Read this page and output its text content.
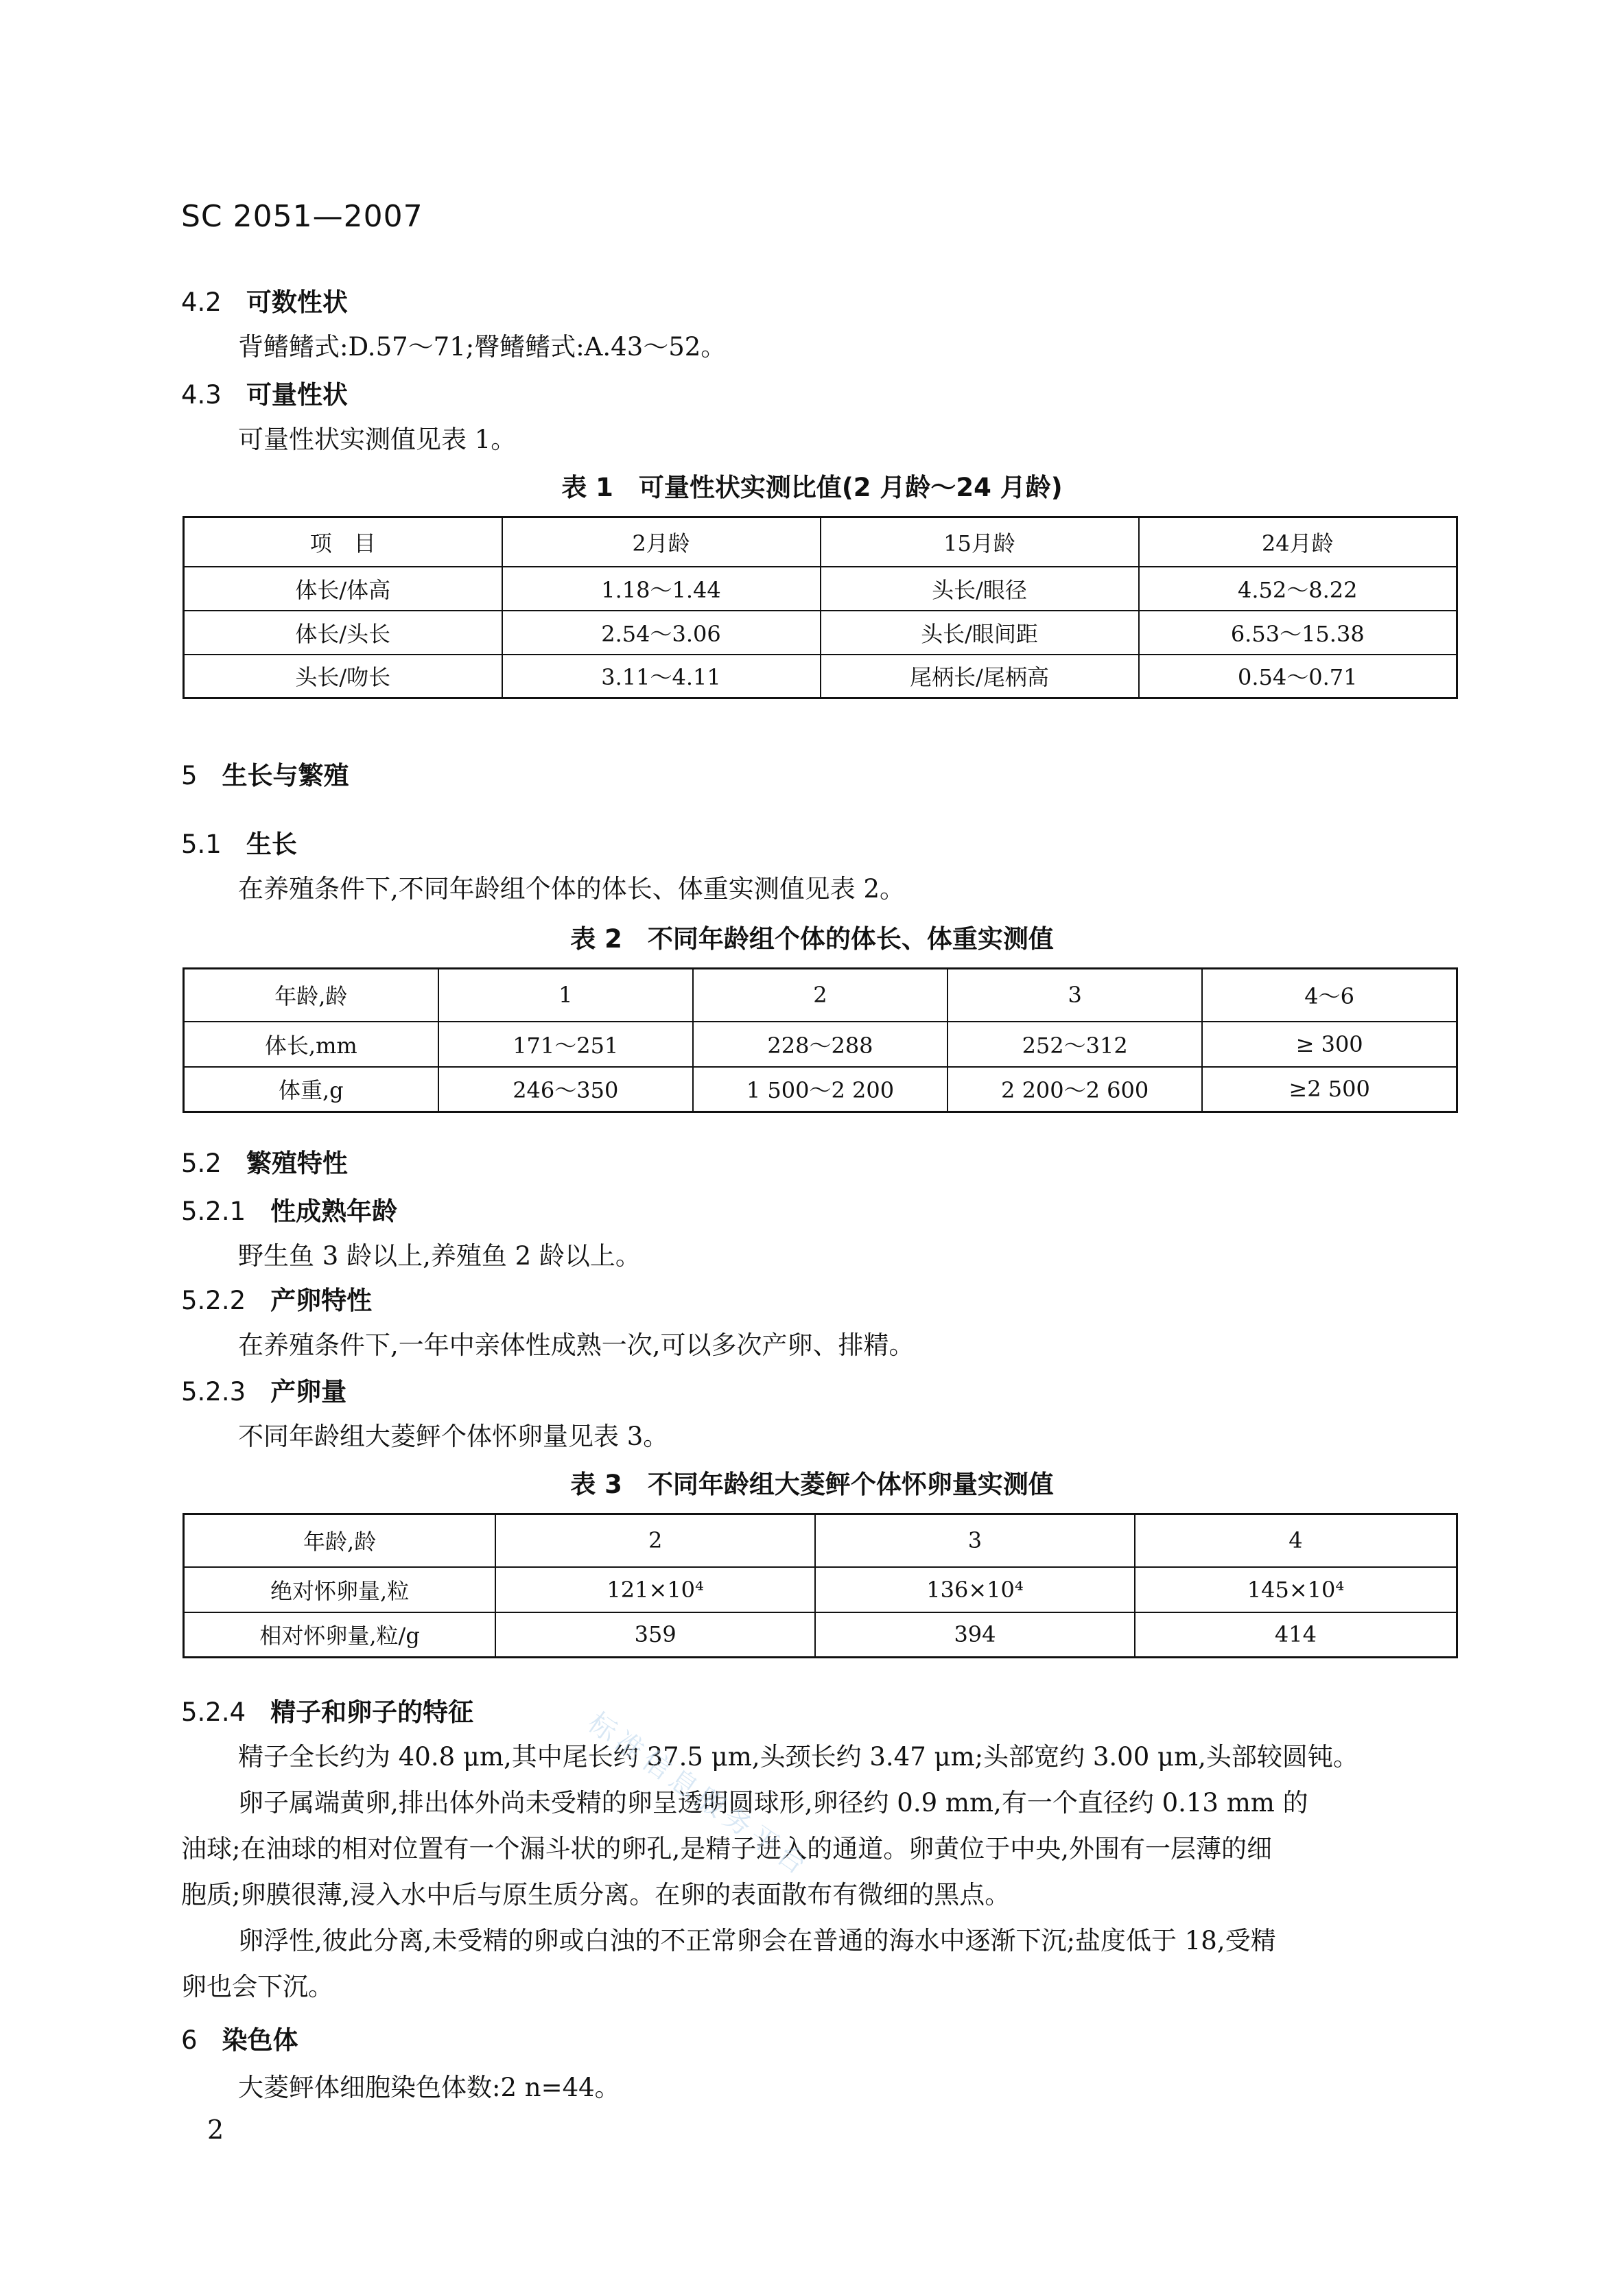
SC 2051—2007
4.2 可数性状
背鳍鳍式:D.57～71;臀鳍鳍式:A.43～52。
4.3 可量性状
可量性状实测值见表 1。
表 1　可量性状实测比值(2 月龄～24 月龄)
项　目	2月龄	15月龄	24月龄
体长/体高	1.18～1.44	头长/眼径	4.52～8.22
体长/头长	2.54～3.06	头长/眼间距	6.53～15.38
头长/吻长	3.11～4.11	尾柄长/尾柄高	0.54～0.71
5 生长与繁殖
5.1 生长
在养殖条件下,不同年龄组个体的体长、体重实测值见表 2。
表 2　不同年龄组个体的体长、体重实测值
年龄,龄	1	2	3	4～6
体长,mm	171～251	228～288	252～312	≥ 300
体重,g	246～350	1 500～2 200	2 200～2 600	≥2 500
5.2 繁殖特性
5.2.1 性成熟年龄
野生鱼 3 龄以上,养殖鱼 2 龄以上。
5.2.2 产卵特性
在养殖条件下,一年中亲体性成熟一次,可以多次产卵、排精。
5.2.3 产卵量
不同年龄组大菱鲆个体怀卵量见表 3。
表 3　不同年龄组大菱鲆个体怀卵量实测值
年龄,龄	2	3	4
绝对怀卵量,粒	121×10⁴	136×10⁴	145×10⁴
相对怀卵量,粒/g	359	394	414
5.2.4 精子和卵子的特征
精子全长约为 40.8 μm,其中尾长约 37.5 μm,头颈长约 3.47 μm;头部宽约 3.00 μm,头部较圆钝。
卵子属端黄卵,排出体外尚未受精的卵呈透明圆球形,卵径约 0.9 mm,有一个直径约 0.13 mm 的
油球;在油球的相对位置有一个漏斗状的卵孔,是精子进入的通道。卵黄位于中央,外围有一层薄的细
胞质;卵膜很薄,浸入水中后与原生质分离。在卵的表面散布有微细的黑点。
卵浮性,彼此分离,未受精的卵或白浊的不正常卵会在普通的海水中逐渐下沉;盐度低于 18,受精
卵也会下沉。
6 染色体
大菱鲆体细胞染色体数:2 n=44。
2
标准信息服务平台
